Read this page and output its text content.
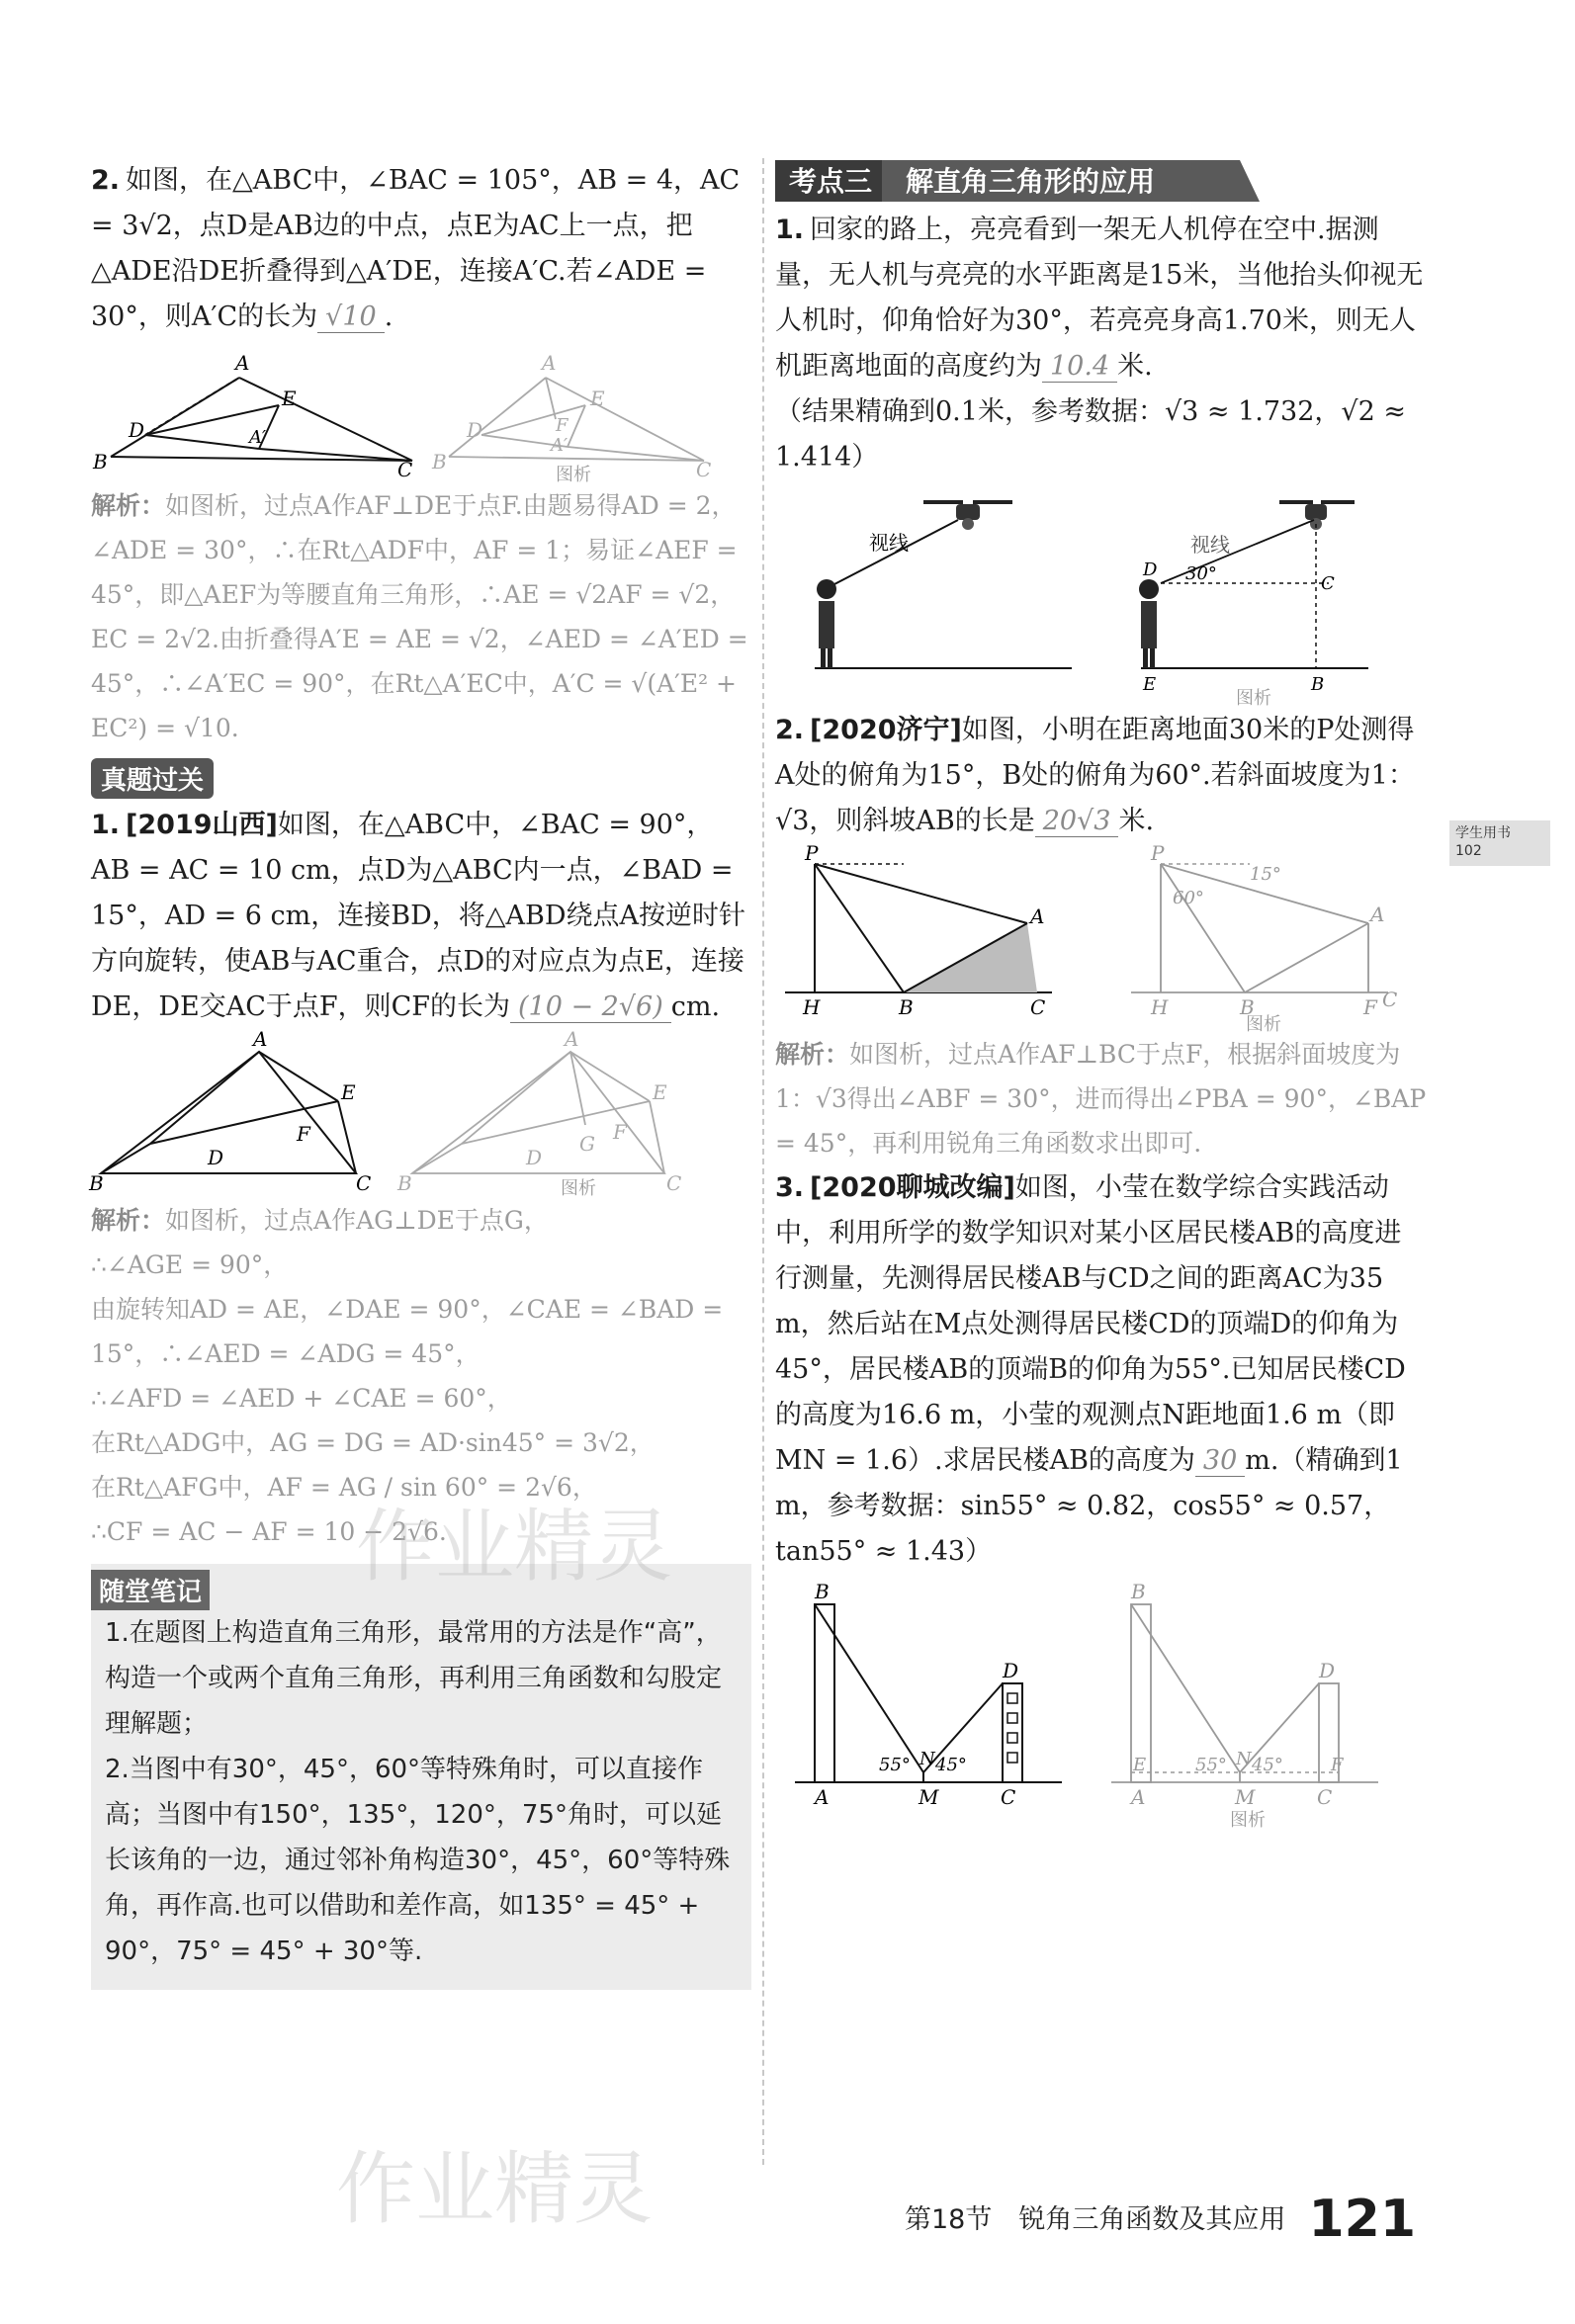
2. 如图，在△ABC中，∠BAC = 105°，AB = 4，AC = 3√2，点D是AB边的中点，点E为AC上一点，把△ADE沿DE折叠得到△A′DE，连接A′C.若∠ADE = 30°，则A′C的长为 √10 .

A
E
D	A′
B	C
A
E
D	F
A′
B	C
图析

解析：如图析，过点A作AF⊥DE于点F.由题易得AD = 2，∠ADE = 30°，∴在Rt△ADF中，AF = 1；易证∠AEF = 45°，即△AEF为等腰直角三角形，∴AE = √2AF = √2，EC = 2√2.由折叠得A′E = AE = √2，∠AED = ∠A′ED = 45°，∴∠A′EC = 90°，在Rt△A′EC中，A′C = √(A′E² + EC²) = √10.

真题过关

1. [2019山西]如图，在△ABC中，∠BAC = 90°，AB = AC = 10 cm，点D为△ABC内一点，∠BAD = 15°，AD = 6 cm，连接BD，将△ABD绕点A按逆时针方向旋转，使AB与AC重合，点D的对应点为点E，连接DE，DE交AC于点F，则CF的长为 (10 − 2√6) cm.

A
E
F
D
B	C
A
E
F
G
D
B	C
图析

解析：如图析，过点A作AG⊥DE于点G，

∴∠AGE = 90°，

由旋转知AD = AE，∠DAE = 90°，∠CAE = ∠BAD = 15°，∴∠AED = ∠ADG = 45°，

∴∠AFD = ∠AED + ∠CAE = 60°，

在Rt△ADG中，AG = DG = AD·sin45° = 3√2，

在Rt△AFG中，AF = AG / sin 60° = 2√6，

∴CF = AC − AF = 10 − 2√6.

随堂笔记

1.在题图上构造直角三角形，最常用的方法是作“高”，构造一个或两个直角三角形，再利用三角函数和勾股定理解题；

2.当图中有30°，45°，60°等特殊角时，可以直接作高；当图中有150°，135°，120°，75°角时，可以延长该角的一边，通过邻补角构造30°，45°，60°等特殊角，再作高.也可以借助和差作高，如135° = 45° + 90°，75° = 45° + 30°等.

考点三 解直角三角形的应用

1. 回家的路上，亮亮看到一架无人机停在空中.据测量，无人机与亮亮的水平距离是15米，当他抬头仰视无人机时，仰角恰好为30°，若亮亮身高1.70米，则无人机距离地面的高度约为 10.4 米.

（结果精确到0.1米，参考数据：√3 ≈ 1.732，√2 ≈ 1.414）

视线	视线
30°
D
C
E	B
图析

2. [2020济宁]如图，小明在距离地面30米的P处测得A处的俯角为15°，B处的俯角为60°.若斜面坡度为1：√3，则斜坡AB的长是 20√3 米.

P
A
H	B	C
P
15°
60°
A
H	B	F C
图析

解析：如图析，过点A作AF⊥BC于点F，根据斜面坡度为1：√3得出∠ABF = 30°，进而得出∠PBA = 90°，∠BAP = 45°，再利用锐角三角函数求出即可.

3. [2020聊城改编]如图，小莹在数学综合实践活动中，利用所学的数学知识对某小区居民楼AB的高度进行测量，先测得居民楼AB与CD之间的距离AC为35 m，然后站在M点处测得居民楼CD的顶端D的仰角为45°，居民楼AB的顶端B的仰角为55°.已知居民楼CD的高度为16.6 m，小莹的观测点N距地面1.6 m（即MN = 1.6）.求居民楼AB的高度为 30 m.（精确到1 m，参考数据：sin55° ≈ 0.82，cos55° ≈ 0.57，tan55° ≈ 1.43）

B
D
55° N 45°
A	M	C
B
D
E	55° N 45°	F
A	M	C
图析
学生用书
102
作业精灵
作业精灵	第18节　锐角三角函数及其应用 121
